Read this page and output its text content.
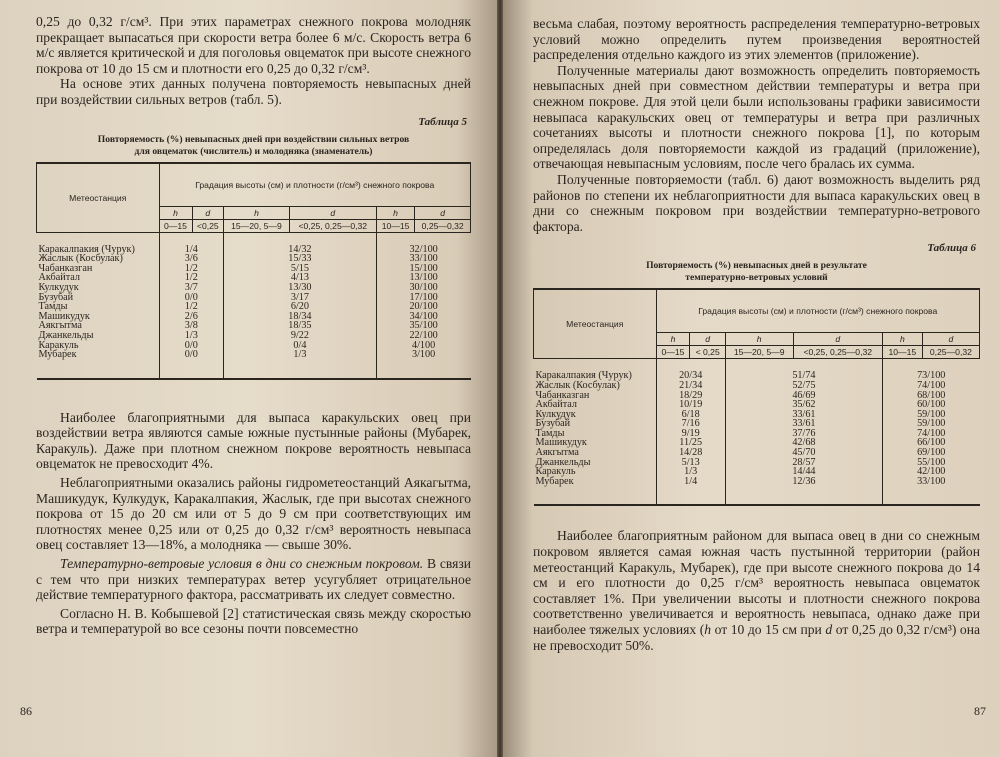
0,25 до 0,32 г/см³. При этих параметрах снежного покрова молодняк прекращает выпасаться при скорости ветра более 6 м/с. Скорость ветра 6 м/с является критической и для поголовья овцематок при высоте снежного покрова от 10 до 15 см и плотности его 0,25 до 0,32 г/см³.

На основе этих данных получена повторяемость невыпасных дней при воздействии сильных ветров (табл. 5).

Таблица 5
Повторяемость (%) невыпасных дней при воздействии сильных ветров
для овцематок (числитель) и молодняка (знаменатель)
Метеостанция	Градация высоты (см) и плотности (г/см³) снежного покрова					
	h	d	h	d	h	d
	0—15	<0,25	15—20, 5—9	<0,25, 0,25—0,32	10—15	0,25—0,32
Каракалпакия (Чурук)	1/4		14/32		32/100	
Жаслык (Косбулак)	3/6		15/33		33/100	
Чабанказган	1/2		5/15		15/100	
Акбайтал	1/2		4/13		13/100	
Кулкудук	3/7		13/30		30/100	
Бузубай	0/0		3/17		17/100	
Тамды	1/2		6/20		20/100	
Машикудук	2/6		18/34		34/100	
Аякгытма	3/8		18/35		35/100	
Джанкельды	1/3		9/22		22/100	
Каракуль	0/0		0/4		4/100	
Мубарек	0/0		1/3		3/100	

Наиболее благоприятными для выпаса каракульских овец при воздействии ветра являются самые южные пустынные районы (Мубарек, Каракуль). Даже при плотном снежном покрове вероятность невыпаса овцематок не превосходит 4%.

Неблагоприятными оказались районы гидрометеостанций Аякагытма, Машикудук, Кулкудук, Каракалпакия, Жаслык, где при высотах снежного покрова от 15 до 20 см или от 5 до 9 см при соответствующих им плотностях менее 0,25 или от 0,25 до 0,32 г/см³ вероятность невыпаса овец составляет 13—18%, а молодняка — свыше 30%.

Температурно-ветровые условия в дни со снежным покровом. В связи с тем что при низких температурах ветер усугубляет отрицательное действие температурного фактора, рассматривать их следует совместно.

Согласно Н. В. Кобышевой [2] статистическая связь между скоростью ветра и температурой во все сезоны почти повсеместно

86

весьма слабая, поэтому вероятность распределения температурно-ветровых условий можно определить путем произведения вероятностей распределения отдельно каждого из этих элементов (приложение).

Полученные материалы дают возможность определить повторяемость невыпасных дней при совместном действии температуры и ветра при снежном покрове. Для этой цели были использованы графики зависимости невыпаса каракульских овец от температуры и ветра при различных сочетаниях высоты и плотности снежного покрова [1], по которым определялась доля повторяемости каждой из градаций (приложение), отвечающая невыпасным условиям, после чего бралась их сумма.

Полученные повторяемости (табл. 6) дают возможность выделить ряд районов по степени их неблагоприятности для выпаса каракульских овец в дни со снежным покровом при воздействии температурно-ветрового фактора.

Таблица 6
Повторяемость (%) невыпасных дней в результате
температурно-ветровых условий
Метеостанция	Градация высоты (см) и плотности (г/см³) снежного покрова					
	h	d	h	d	h	d
	0—15	< 0,25	15—20, 5—9	<0,25, 0,25—0,32	10—15	0,25—0,32
Каракалпакия (Чурук)	20/34		51/74		73/100	
Жаслык (Косбулак)	21/34		52/75		74/100	
Чабанказган	18/29		46/69		68/100	
Акбайтал	10/19		35/62		60/100	
Кулкудук	6/18		33/61		59/100	
Бузубай	7/16		33/61		59/100	
Тамды	9/19		37/76		74/100	
Машикудук	11/25		42/68		66/100	
Аякгытма	14/28		45/70		69/100	
Джанкельды	5/13		28/57		55/100	
Каракуль	1/3		14/44		42/100	
Мубарек	1/4		12/36		33/100	

Наиболее благоприятным районом для выпаса овец в дни со снежным покровом является самая южная часть пустынной территории (район метеостанций Каракуль, Мубарек), где при высоте снежного покрова до 14 см и его плотности до 0,25 г/см³ вероятность невыпаса овцематок составляет 1%. При увеличении высоты и плотности снежного покрова соответственно увеличивается и вероятность невыпаса, однако даже при наиболее тяжелых условиях (h от 10 до 15 см при d от 0,25 до 0,32 г/см³) она не превосходит 50%.

87
